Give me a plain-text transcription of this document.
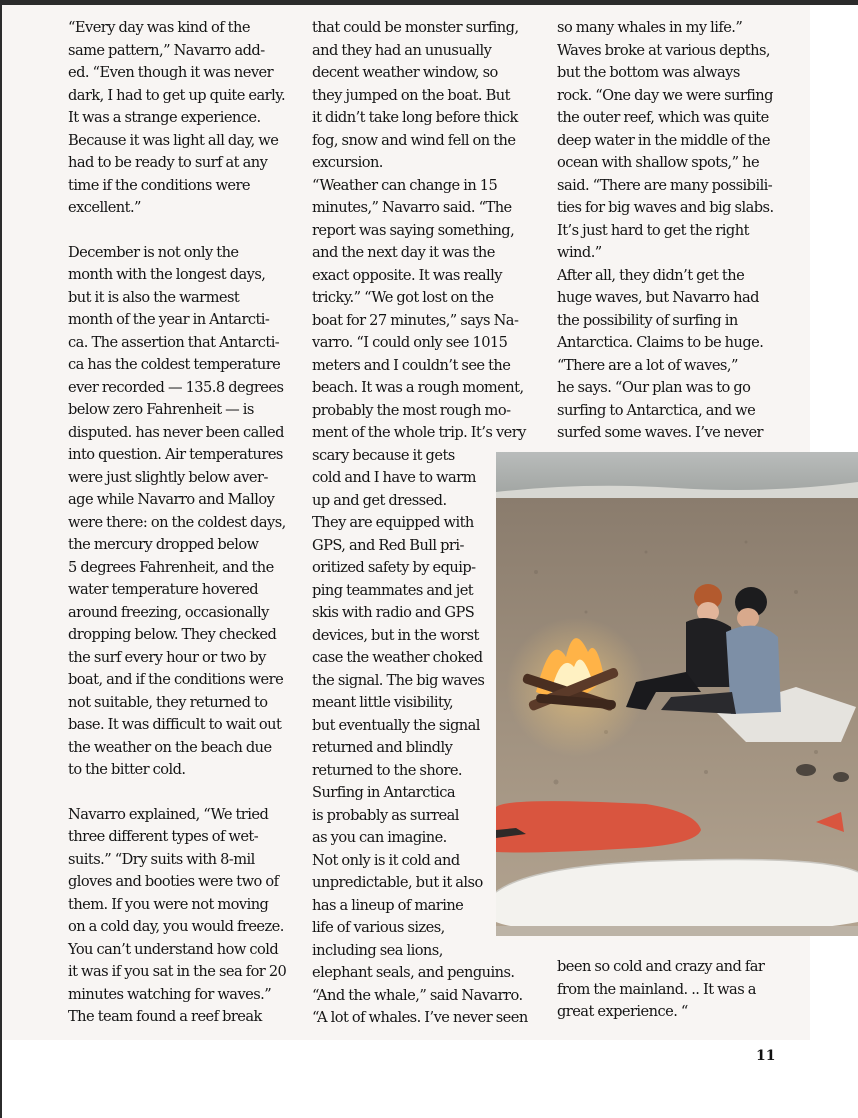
“Every day was kind of the
same pattern,” Navarro add-
ed. “Even though it was never
dark, I had to get up quite early.
It was a strange experience.
Because it was light all day, we
had to be ready to surf at any
time if the conditions were
excellent.”

December is not only the
month with the longest days,
but it is also the warmest
month of the year in Antarcti-
ca. The assertion that Antarcti-
ca has the coldest temperature
ever recorded — 135.8 degrees
below zero Fahrenheit — is
disputed. has never been called
into question. Air temperatures
were just slightly below aver-
age while Navarro and Malloy
were there: on the coldest days,
the mercury dropped below
5 degrees Fahrenheit, and the
water temperature hovered
around freezing, occasionally
dropping below. They checked
the surf every hour or two by
boat, and if the conditions were
not suitable, they returned to
base. It was difficult to wait out
the weather on the beach due
to the bitter cold.

Navarro explained, “We tried
three different types of wet-
suits.” “Dry suits with 8-mil
gloves and booties were two of
them. If you were not moving
on a cold day, you would freeze.
You can’t understand how cold
it was if you sat in the sea for 20
minutes watching for waves.”
The team found a reef break

that could be monster surfing,
and they had an unusually
decent weather window, so
they jumped on the boat. But
it didn’t take long before thick
fog, snow and wind fell on the
excursion.

“Weather can change in 15
minutes,” Navarro said. “The
report was saying something,
and the next day it was the
exact opposite. It was really
tricky.” “We got lost on the
boat for 27 minutes,” says Na-
varro. “I could only see 1015
meters and I couldn’t see the
beach. It was a rough moment,
probably the most rough mo-
ment of the whole trip. It’s very
scary because it gets
cold and I have to warm
up and get dressed.

They are equipped with
GPS, and Red Bull pri-
oritized safety by equip-
ping teammates and jet
skis with radio and GPS
devices, but in the worst
case the weather choked
the signal. The big waves
meant little visibility,
but eventually the signal
returned and blindly
returned to the shore.

Surfing in Antarctica
is probably as surreal
as you can imagine.
Not only is it cold and
unpredictable, but it also
has a lineup of marine
life of various sizes,
including sea lions,
elephant seals, and penguins.
“And the whale,” said Navarro.
“A lot of whales. I’ve never seen

so many whales in my life.”
Waves broke at various depths,
but the bottom was always
rock. “One day we were surfing
the outer reef, which was quite
deep water in the middle of the
ocean with shallow spots,” he
said. “There are many possibili-
ties for big waves and big slabs.
It’s just hard to get the right
wind.”

After all, they didn’t get the
huge waves, but Navarro had
the possibility of surfing in
Antarctica. Claims to be huge.
“There are a lot of waves,”
he says. “Our plan was to go
surfing to Antarctica, and we
surfed some waves. I’ve never

been so cold and crazy and far
from the mainland. .. It was a
great experience. “

11
